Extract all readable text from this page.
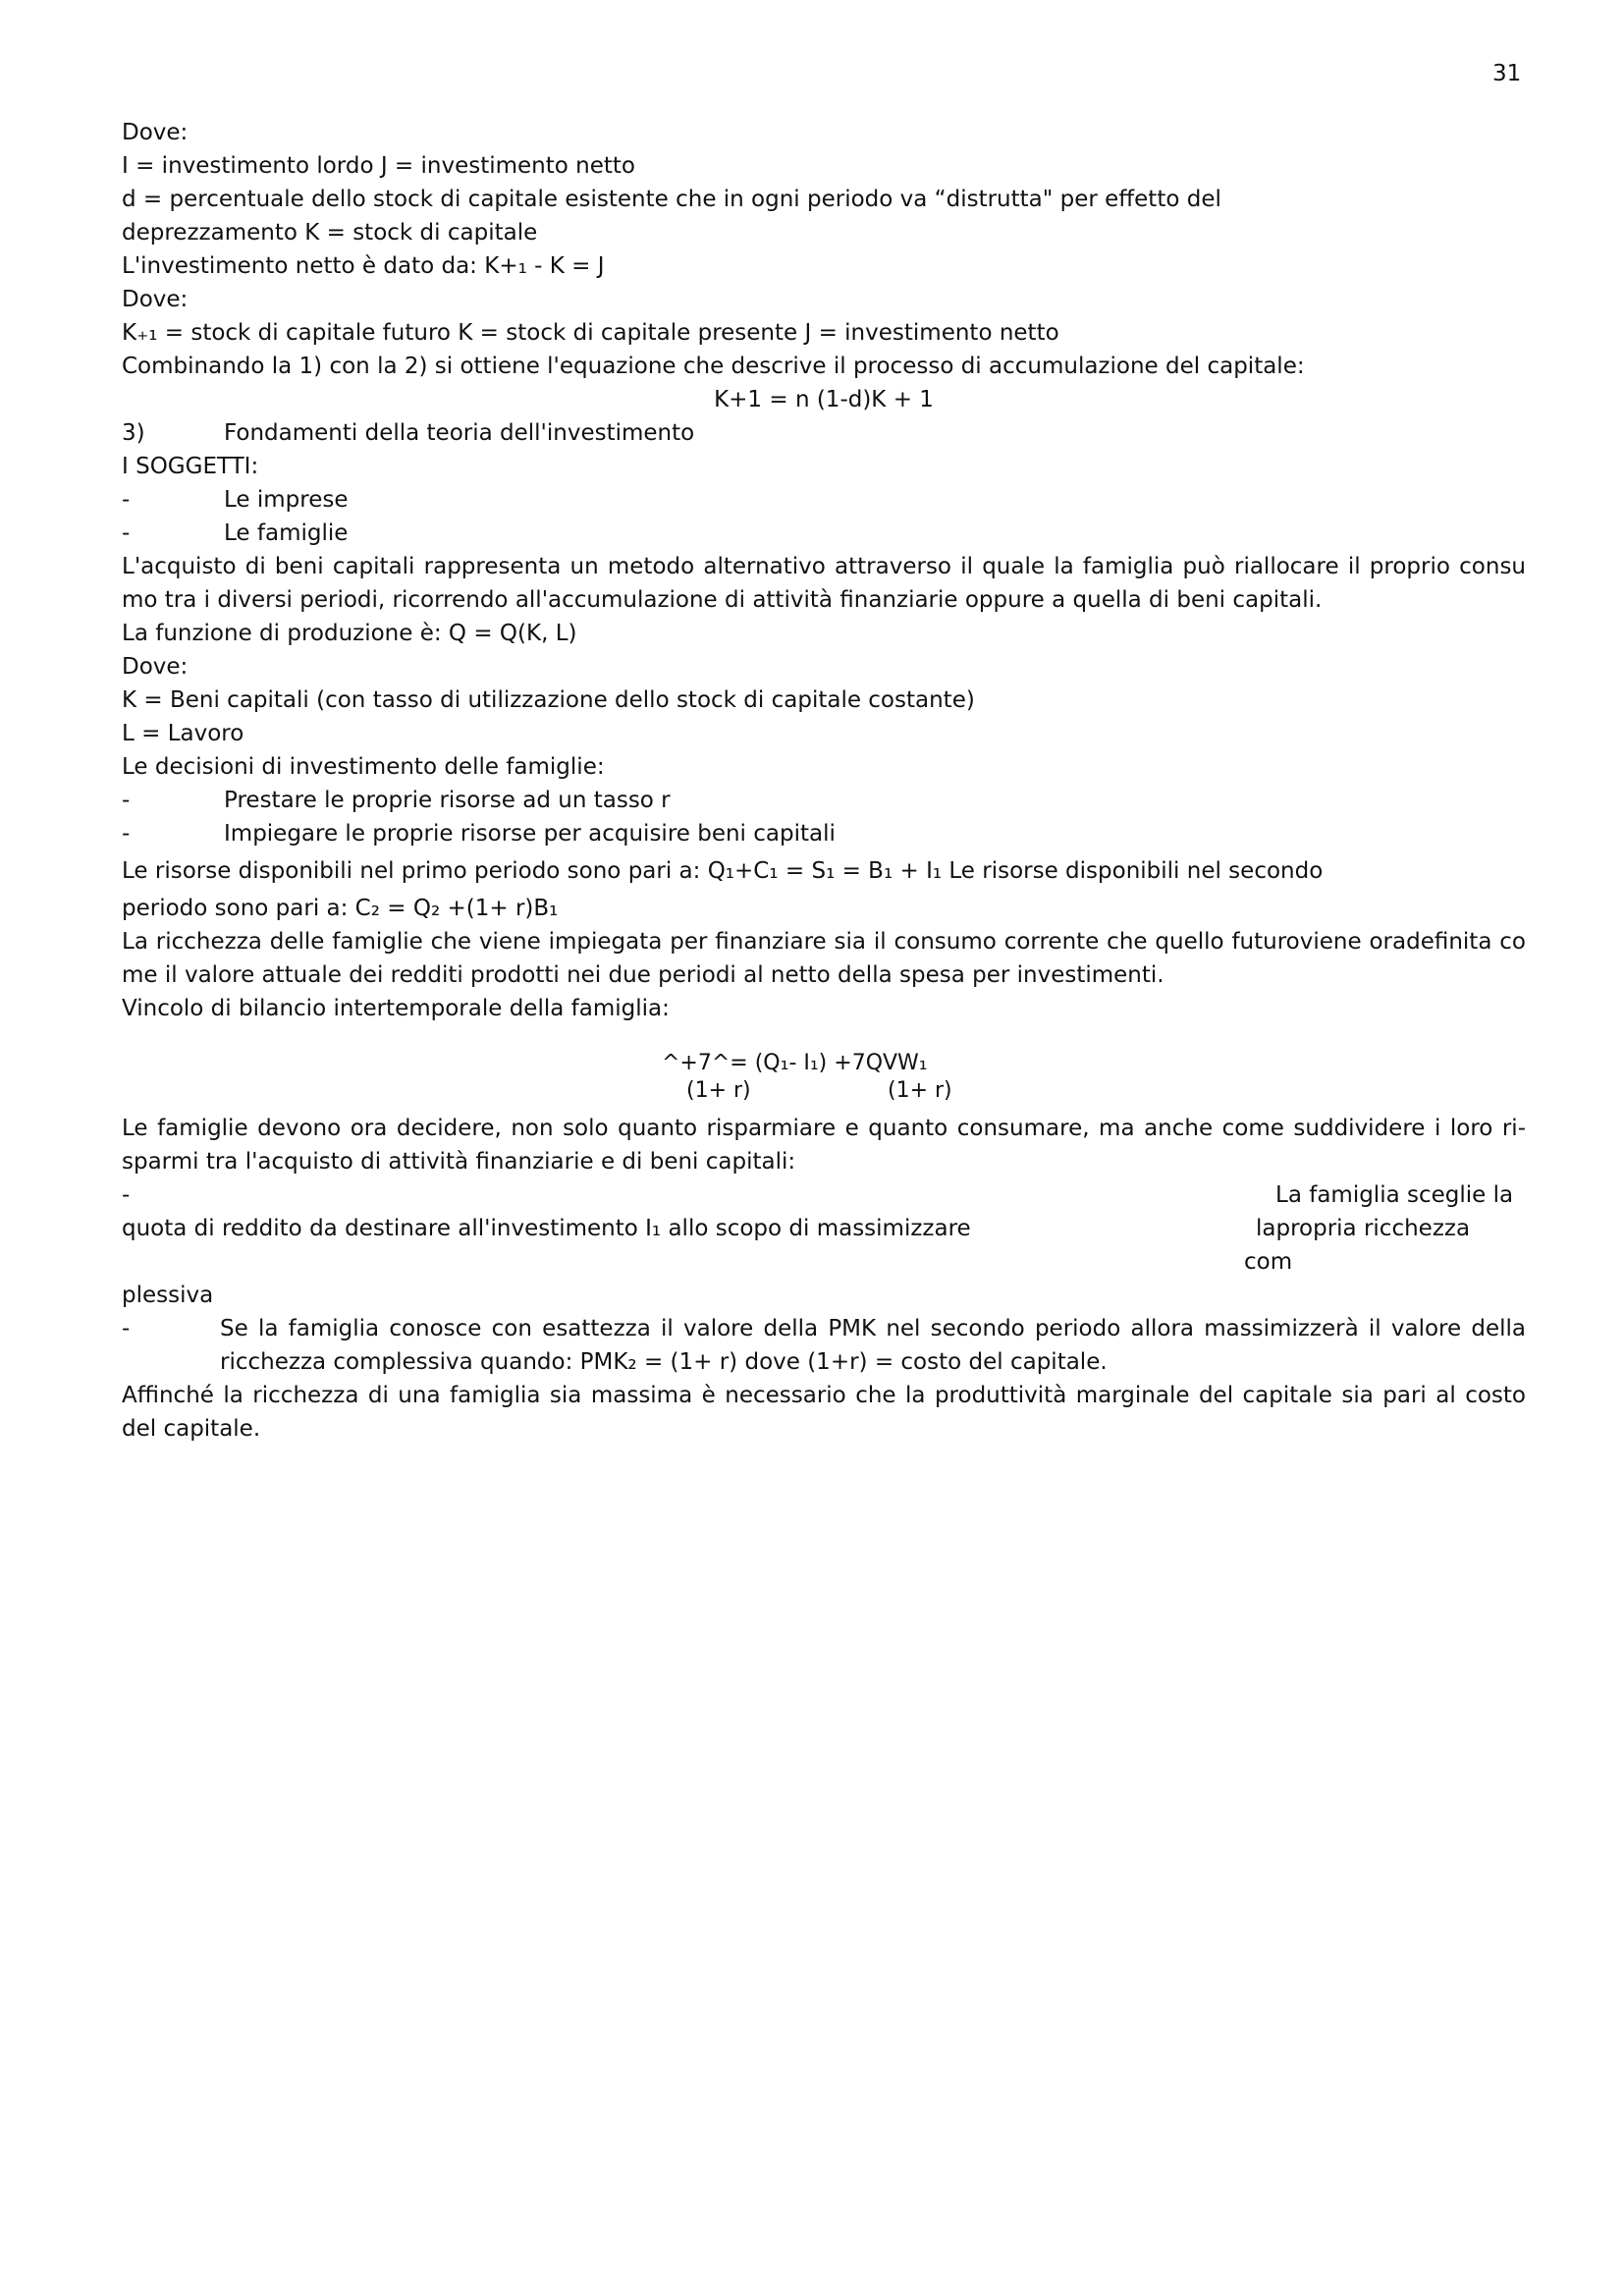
31
Dove:
I = investimento lordo J = investimento netto
d = percentuale dello stock di capitale esistente che in ogni periodo va “distrutta" per effetto del
deprezzamento K = stock di capitale
L'investimento netto è dato da: K+₁ - K = J
Dove:
K₊₁ = stock di capitale futuro K = stock di capitale presente J = investimento netto
Combinando la 1) con la 2) si ottiene l'equazione che descrive il processo di accumulazione del capitale:
K+1 = n (1-d)K + 1
3)	Fondamenti della teoria dell'investimento
I SOGGETTI:
-	Le imprese
-	Le famiglie
L'acquisto di beni capitali rappresenta un metodo alternativo attraverso il quale la famiglia può riallocare il proprio consu mo tra i diversi periodi, ricorrendo all'accumulazione di attività finanziarie oppure a quella di beni capitali.
La funzione di produzione è: Q = Q(K, L)
Dove:
K = Beni capitali (con tasso di utilizzazione dello stock di capitale costante)
L = Lavoro
Le decisioni di investimento delle famiglie:
-	Prestare le proprie risorse ad un tasso r
-	Impiegare le proprie risorse per acquisire beni capitali
Le risorse disponibili nel primo periodo sono pari a: Q₁+C₁ = S₁ = B₁ + I₁ Le risorse disponibili nel secondo
periodo sono pari a: C₂ = Q₂ +(1+ r)B₁
La ricchezza delle famiglie che viene impiegata per finanziare sia il consumo corrente che quello futuroviene oradefinita co me il valore attuale dei redditi prodotti nei due periodi al netto della spesa per investimenti.
Vincolo di bilancio intertemporale della famiglia:
^+7^= (Q₁- I₁) +7QVW₁
(1+ r)	(1+ r)
Le famiglie devono ora decidere, non solo quanto risparmiare e quanto consumare, ma anche come suddividere i loro ri- sparmi tra l'acquisto di attività finanziarie e di beni capitali:
-	La famiglia sceglie la
quota di reddito da destinare all'investimento I₁ allo scopo di massimizzare	lapropria ricchezza
com
plessiva
-	Se la famiglia conosce con esattezza il valore della PMK nel secondo periodo allora massimizzerà il valore della ricchezza complessiva quando: PMK₂ = (1+ r) dove (1+r) = costo del capitale.
Affinché la ricchezza di una famiglia sia massima è necessario che la produttività marginale del capitale sia pari al costo del capitale.
